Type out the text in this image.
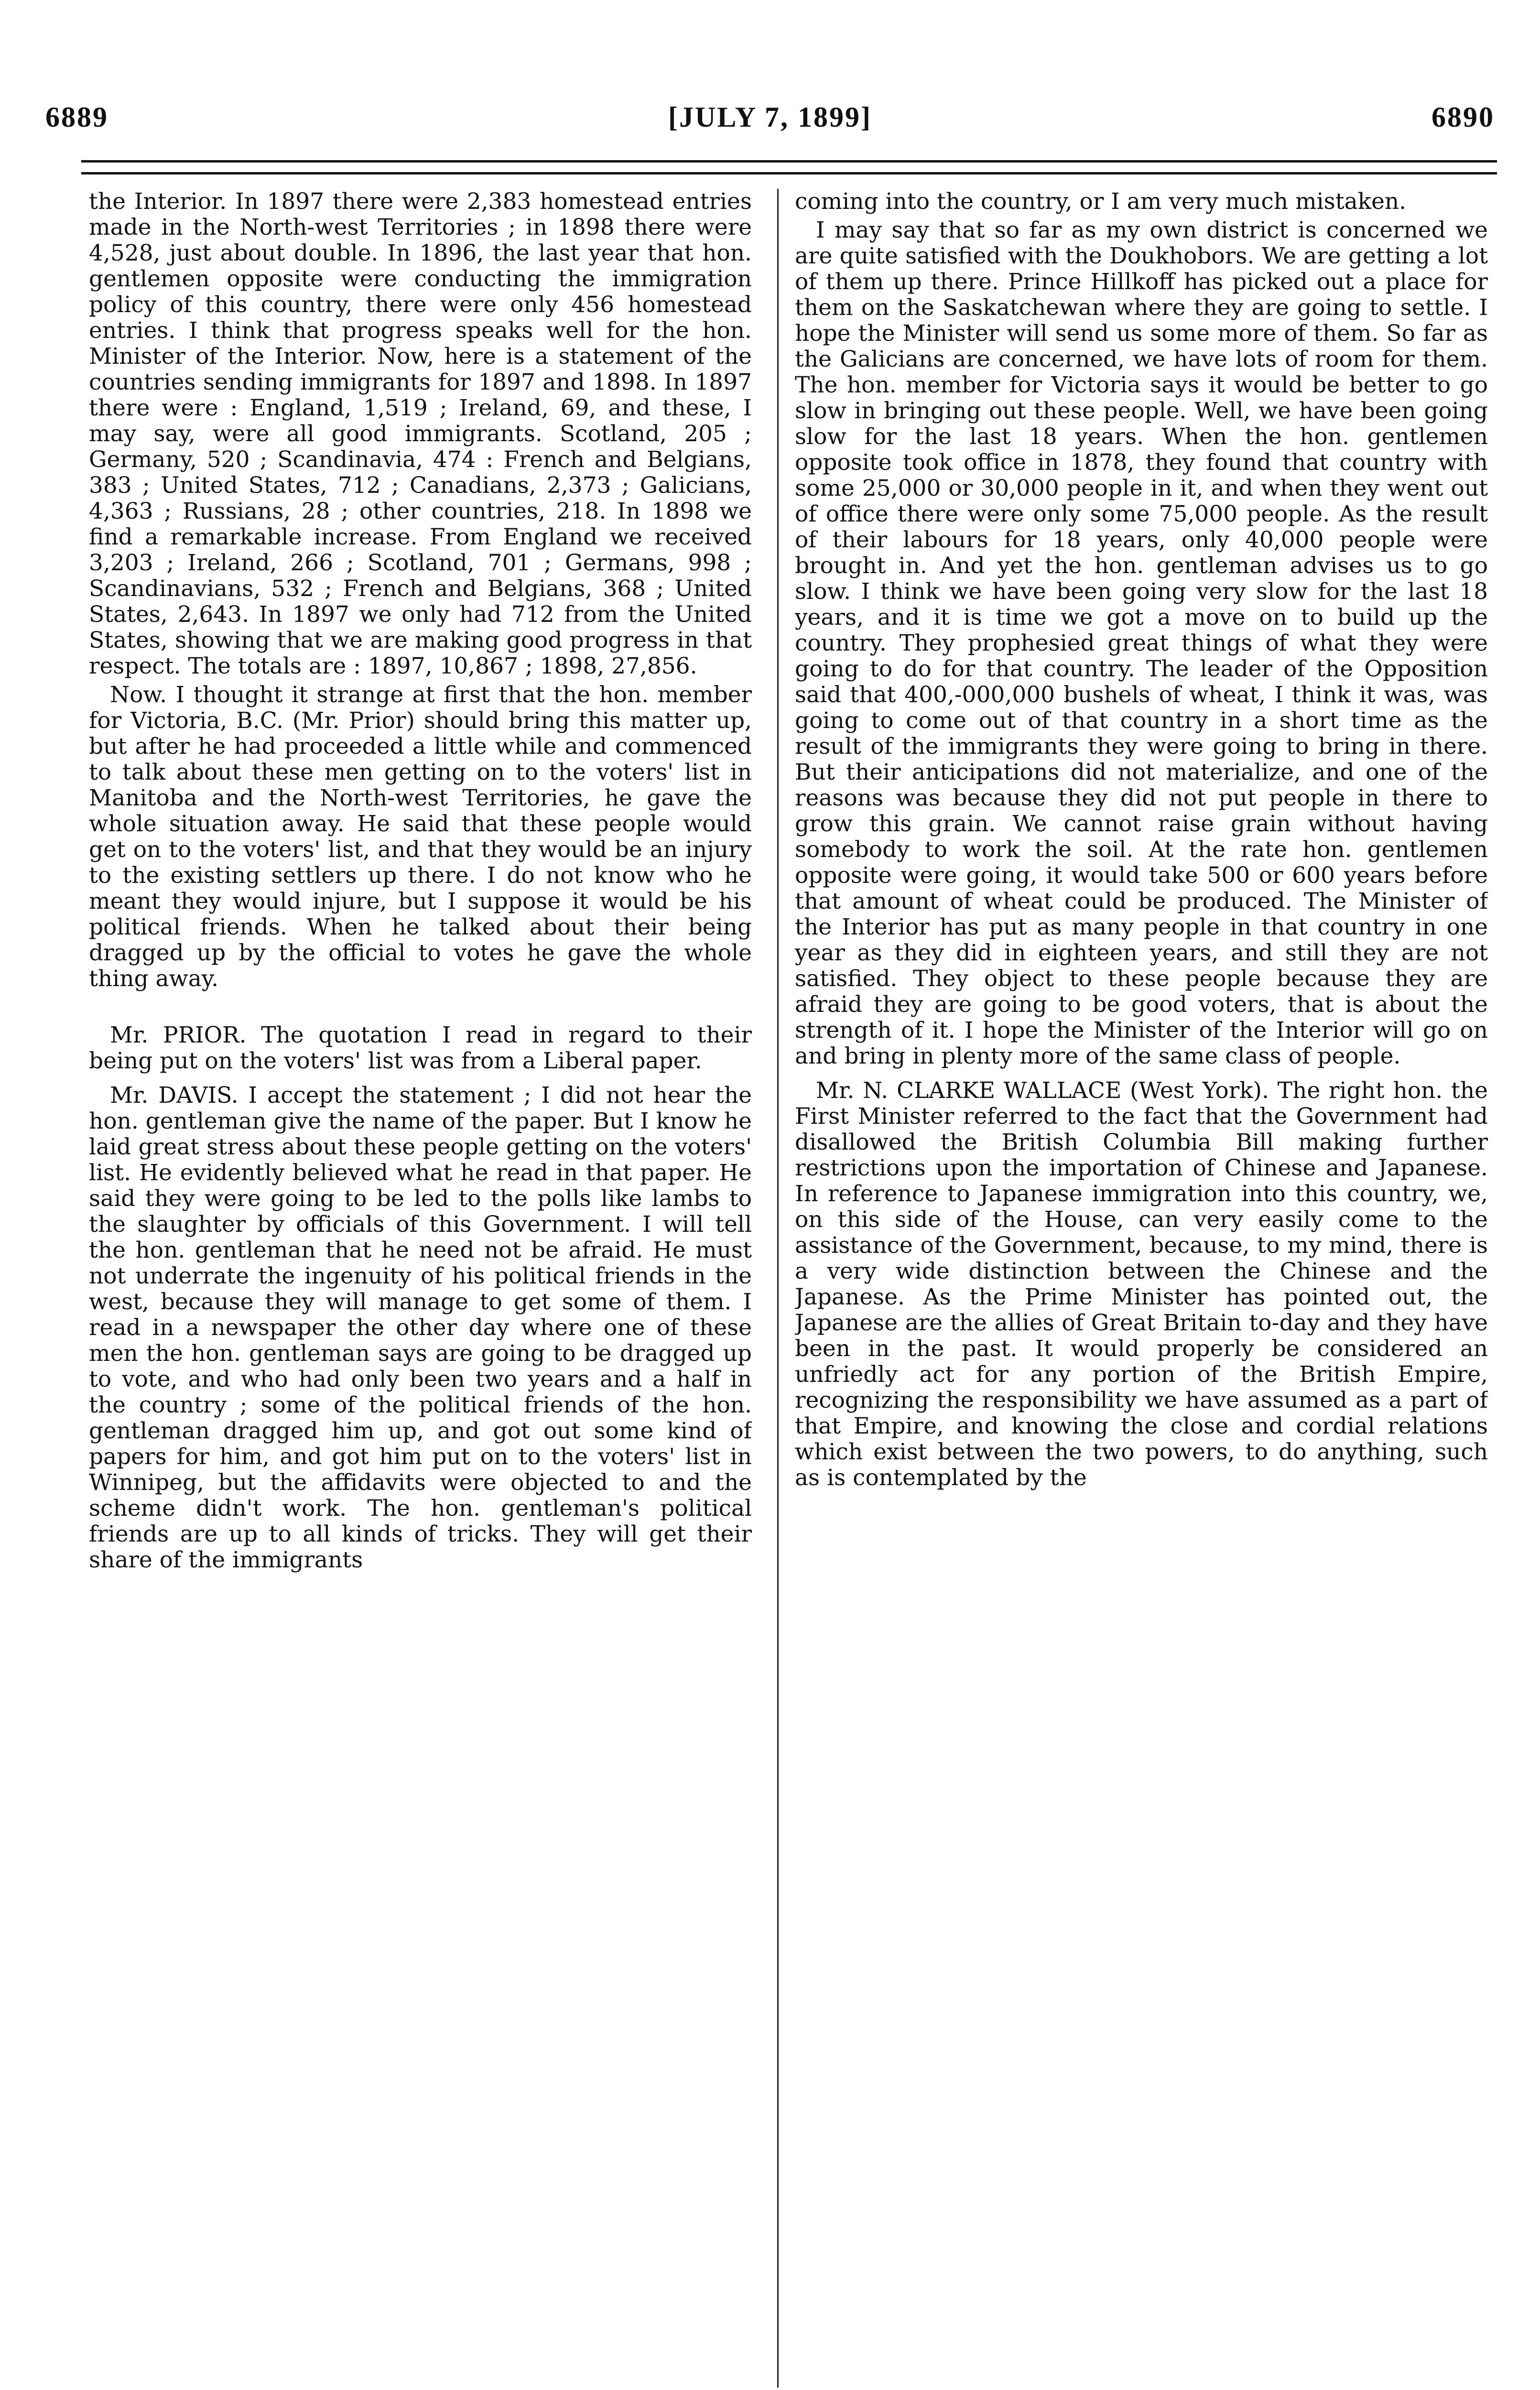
6889	[JULY 7, 1899]	6890

the Interior. In 1897 there were 2,383 homestead entries made in the North-west Territories ; in 1898 there were 4,528, just about double. In 1896, the last year that hon. gentlemen opposite were conducting the immigration policy of this country, there were only 456 homestead entries. I think that progress speaks well for the hon. Minister of the Interior. Now, here is a statement of the countries sending immigrants for 1897 and 1898. In 1897 there were : England, 1,519 ; Ireland, 69, and these, I may say, were all good immigrants. Scotland, 205 ; Germany, 520 ; Scandinavia, 474 : French and Belgians, 383 ; United States, 712 ; Canadians, 2,373 ; Galicians, 4,363 ; Russians, 28 ; other countries, 218. In 1898 we find a remarkable increase. From England we received 3,203 ; Ireland, 266 ; Scotland, 701 ; Germans, 998 ; Scandinavians, 532 ; French and Belgians, 368 ; United States, 2,643. In 1897 we only had 712 from the United States, showing that we are making good progress in that respect. The totals are : 1897, 10,867 ; 1898, 27,856.

Now. I thought it strange at first that the hon. member for Victoria, B.C. (Mr. Prior) should bring this matter up, but after he had proceeded a little while and commenced to talk about these men getting on to the voters' list in Manitoba and the North-west Territories, he gave the whole situation away. He said that these people would get on to the voters' list, and that they would be an injury to the existing settlers up there. I do not know who he meant they would injure, but I suppose it would be his political friends. When he talked about their being dragged up by the official to votes he gave the whole thing away.

Mr. PRIOR. The quotation I read in regard to their being put on the voters' list was from a Liberal paper.

Mr. DAVIS. I accept the statement ; I did not hear the hon. gentleman give the name of the paper. But I know he laid great stress about these people getting on the voters' list. He evidently believed what he read in that paper. He said they were going to be led to the polls like lambs to the slaughter by officials of this Government. I will tell the hon. gentleman that he need not be afraid. He must not underrate the ingenuity of his political friends in the west, because they will manage to get some of them. I read in a newspaper the other day where one of these men the hon. gentleman says are going to be dragged up to vote, and who had only been two years and a half in the country ; some of the political friends of the hon. gentleman dragged him up, and got out some kind of papers for him, and got him put on to the voters' list in Winnipeg, but the affidavits were objected to and the scheme didn't work. The hon. gentleman's political friends are up to all kinds of tricks. They will get their share of the immigrants

coming into the country, or I am very much mistaken.

I may say that so far as my own district is concerned we are quite satisfied with the Doukhobors. We are getting a lot of them up there. Prince Hillkoff has picked out a place for them on the Saskatchewan where they are going to settle. I hope the Minister will send us some more of them. So far as the Galicians are concerned, we have lots of room for them. The hon. member for Victoria says it would be better to go slow in bringing out these people. Well, we have been going slow for the last 18 years. When the hon. gentlemen opposite took office in 1878, they found that country with some 25,000 or 30,000 people in it, and when they went out of office there were only some 75,000 people. As the result of their labours for 18 years, only 40,000 people were brought in. And yet the hon. gentleman advises us to go slow. I think we have been going very slow for the last 18 years, and it is time we got a move on to build up the country. They prophesied great things of what they were going to do for that country. The leader of the Opposition said that 400,-000,000 bushels of wheat, I think it was, was going to come out of that country in a short time as the result of the immigrants they were going to bring in there. But their anticipations did not materialize, and one of the reasons was because they did not put people in there to grow this grain. We cannot raise grain without having somebody to work the soil. At the rate hon. gentlemen opposite were going, it would take 500 or 600 years before that amount of wheat could be produced. The Minister of the Interior has put as many people in that country in one year as they did in eighteen years, and still they are not satisfied. They object to these people because they are afraid they are going to be good voters, that is about the strength of it. I hope the Minister of the Interior will go on and bring in plenty more of the same class of people.

Mr. N. CLARKE WALLACE (West York). The right hon. the First Minister referred to the fact that the Government had disallowed the British Columbia Bill making further restrictions upon the importation of Chinese and Japanese. In reference to Japanese immigration into this country, we, on this side of the House, can very easily come to the assistance of the Government, because, to my mind, there is a very wide distinction between the Chinese and the Japanese. As the Prime Minister has pointed out, the Japanese are the allies of Great Britain to-day and they have been in the past. It would properly be considered an unfriedly act for any portion of the British Empire, recognizing the responsibility we have assumed as a part of that Empire, and knowing the close and cordial relations which exist between the two powers, to do anything, such as is contemplated by the
